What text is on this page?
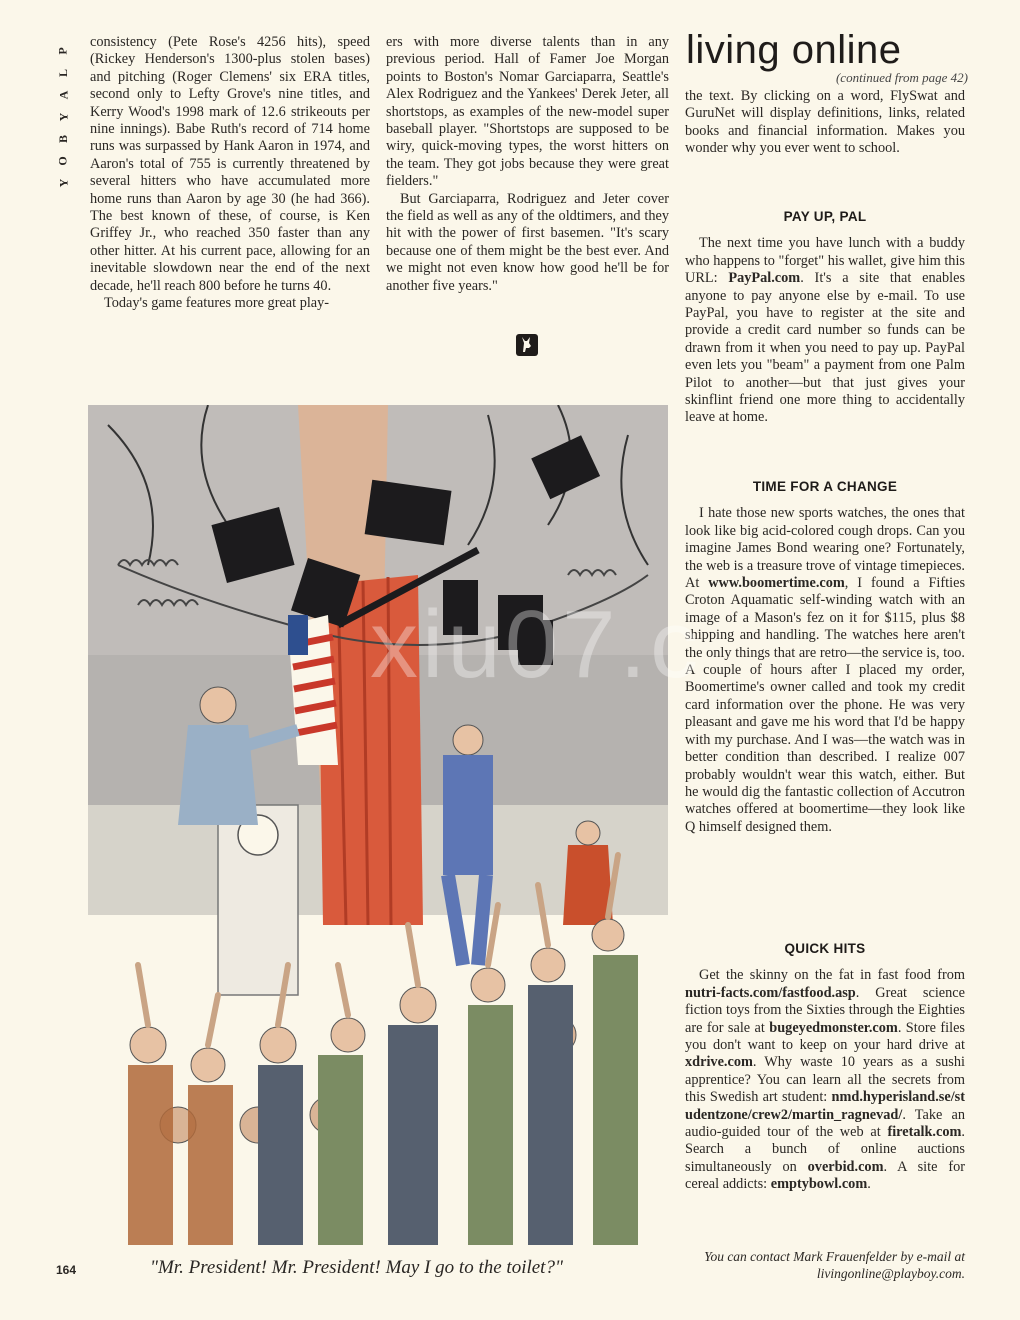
P
L
A
Y
B
O
Y

consistency (Pete Rose's 4256 hits), speed (Rickey Henderson's 1300-plus stolen bases) and pitching (Roger Clemens' six ERA titles, second only to Lefty Grove's nine titles, and Kerry Wood's 1998 mark of 12.6 strikeouts per nine innings). Babe Ruth's record of 714 home runs was surpassed by Hank Aaron in 1974, and Aaron's total of 755 is currently threatened by several hitters who have accumulated more home runs than Aaron by age 30 (he had 366). The best known of these, of course, is Ken Griffey Jr., who reached 350 faster than any other hitter. At his current pace, allowing for an inevitable slowdown near the end of the next decade, he'll reach 800 before he turns 40.

Today's game features more great play-

ers with more diverse talents than in any previous period. Hall of Famer Joe Morgan points to Boston's Nomar Garciaparra, Seattle's Alex Rodriguez and the Yankees' Derek Jeter, all shortstops, as examples of the new-model super baseball player. "Shortstops are supposed to be wiry, quick-moving types, the worst hitters on the team. They got jobs because they were great fielders."

But Garciaparra, Rodriguez and Jeter cover the field as well as any of the oldtimers, and they hit with the power of first basemen. "It's scary because one of them might be the best ever. And we might not even know how good he'll be for another five years."

living online
(continued from page 42)

the text. By clicking on a word, FlySwat and GuruNet will display definitions, links, related books and financial information. Makes you wonder why you ever went to school.

PAY UP, PAL

The next time you have lunch with a buddy who happens to "forget" his wallet, give him this URL: PayPal.com. It's a site that enables anyone to pay anyone else by e-mail. To use PayPal, you have to register at the site and provide a credit card number so funds can be drawn from it when you need to pay up. PayPal even lets you "beam" a payment from one Palm Pilot to another—but that just gives your skinflint friend one more thing to accidentally leave at home.

TIME FOR A CHANGE

I hate those new sports watches, the ones that look like big acid-colored cough drops. Can you imagine James Bond wearing one? Fortunately, the web is a treasure trove of vintage timepieces. At www.boomertime.com, I found a Fifties Croton Aquamatic self-winding watch with an image of a Mason's fez on it for $115, plus $8 shipping and handling. The watches here aren't the only things that are retro—the service is, too. A couple of hours after I placed my order, Boomertime's owner called and took my credit card information over the phone. He was very pleasant and gave me his word that I'd be happy with my purchase. And I was—the watch was in better condition than described. I realize 007 probably wouldn't wear this watch, either. But he would dig the fantastic collection of Accutron watches offered at boomertime—they look like Q himself designed them.

QUICK HITS

Get the skinny on the fat in fast food from nutri-facts.com/fastfood.asp. Great science fiction toys from the Sixties through the Eighties are for sale at bugeyedmonster.com. Store files you don't want to keep on your hard drive at xdrive.com. Why waste 10 years as a sushi apprentice? You can learn all the secrets from this Swedish art student: nmd.hyperisland.se/studentzone/crew2/martin_ragnevad/. Take an audio-guided tour of the web at firetalk.com. Search a bunch of online auctions simultaneously on overbid.com. A site for cereal addicts: emptybowl.com.

xiu07.c
164	"Mr. President! Mr. President! May I go to the toilet?"
You can contact Mark Frauenfelder by e-mail at livingonline@playboy.com.
